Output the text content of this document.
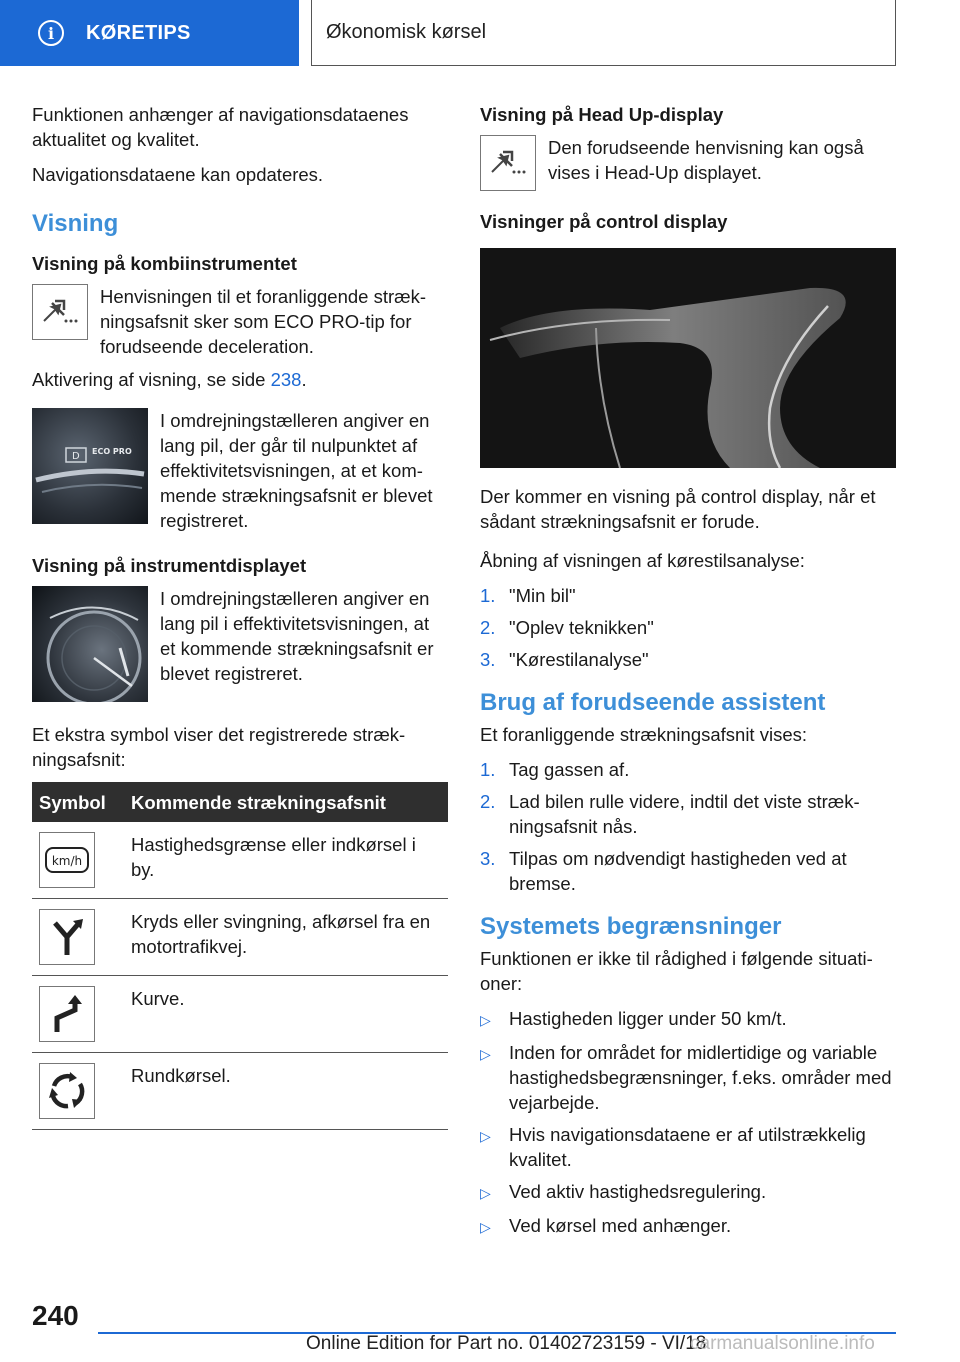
i	KØRETIPS	Økonomisk kørsel

Funktionen anhænger af navigationsdataenes aktualitet og kvalitet.

Navigationsdataene kan opdateres.

Visning
Visning på kombiinstrumentet
Henvisningen til et foranliggende strækningsafsnit sker som ECO PRO-tip for forudseende deceleration.

Aktivering af visning, se side 238.

D ECO PRO
I omdrejningstælleren angiver en lang pil, der går til nulpunktet af effektivitetsvisningen, at et kommende strækningsafsnit er blevet registreret.
Visning på instrumentdisplayet
I omdrejningstælleren angiver en lang pil i effektivitetsvisningen, at et kommende strækningsafsnit er blevet registreret.

Et ekstra symbol viser det registrerede strækningsafsnit:

Symbol	Kommende strækningsafsnit

km/h	Hastighedsgrænse eller indkørsel i by.

	Kryds eller svingning, afkørsel fra en motortrafikvej.

	Kurve.

	Rundkørsel.
Visning på Head Up-display
Den forudseende henvisning kan også vises i Head-Up displayet.
Visninger på control display

Der kommer en visning på control display, når et sådant strækningsafsnit er forude.

Åbning af visningen af kørestilsanalyse:

1. "Min bil"
2. "Oplev teknikken"
3. "Kørestilanalyse"
Brug af forudseende assistent

Et foranliggende strækningsafsnit vises:

1. Tag gassen af.
2. Lad bilen rulle videre, indtil det viste strækningsafsnit nås.
3. Tilpas om nødvendigt hastigheden ved at bremse.
Systemets begrænsninger

Funktionen er ikke til rådighed i følgende situationer:

▷ Hastigheden ligger under 50 km/t.
▷ Inden for området for midlertidige og variable hastighedsbegrænsninger, f.eks. områder med vejarbejde.
▷ Hvis navigationsdataene er af utilstrækkelig kvalitet.
▷ Ved aktiv hastighedsregulering.
▷ Ved kørsel med anhænger.
240
Online Edition for Part no. 01402723159 - VI/18
carmanualsonline.info
